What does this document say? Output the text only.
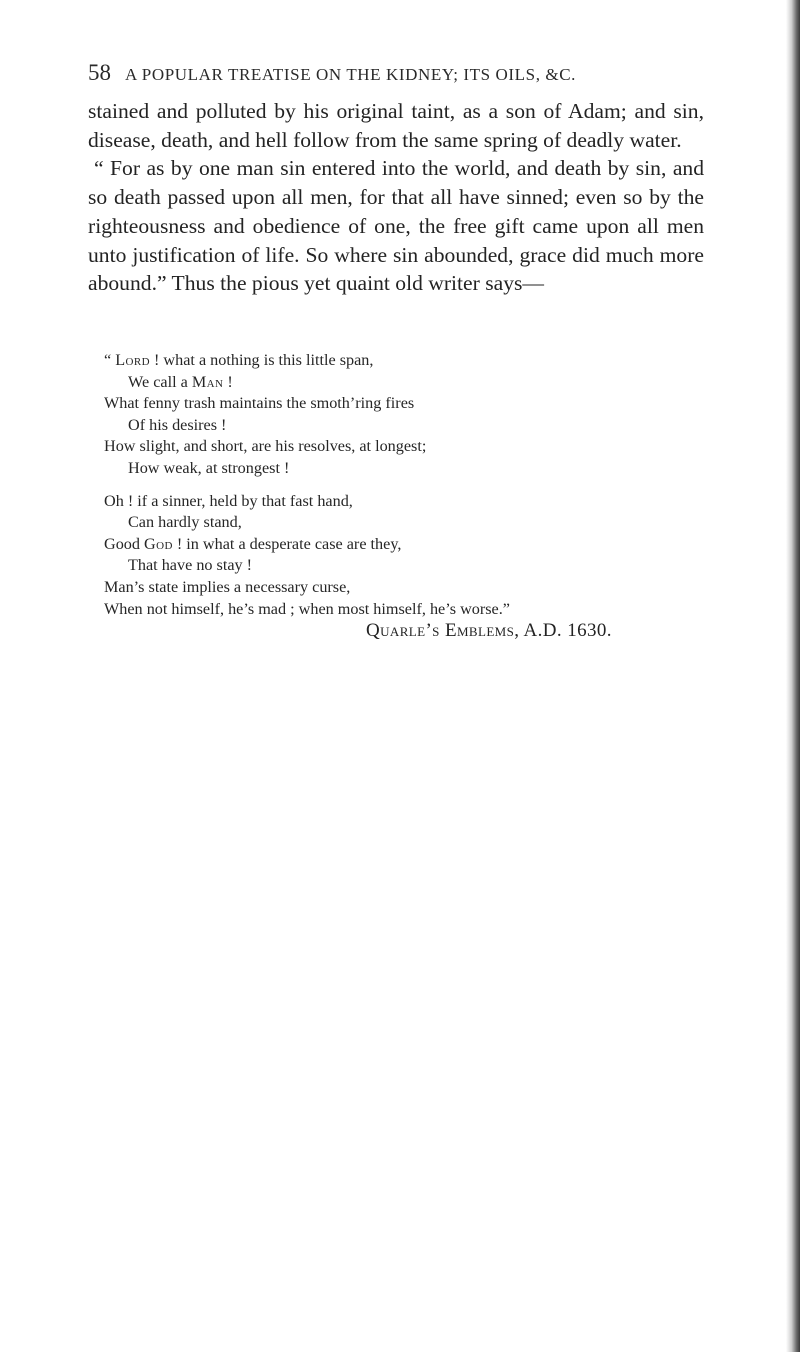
58 A POPULAR TREATISE ON THE KIDNEY; ITS OILS, &C.

stained and polluted by his original taint, as a son of Adam; and sin, disease, death, and hell follow from the same spring of deadly water.

“ For as by one man sin entered into the world, and death by sin, and so death passed upon all men, for that all have sinned; even so by the righteousness and obedience of one, the free gift came upon all men unto justification of life. So where sin abounded, grace did much more abound.” Thus the pious yet quaint old writer says—

“ Lord ! what a nothing is this little span,
We call a Man !
What fenny trash maintains the smoth’ring fires
Of his desires !
How slight, and short, are his resolves, at longest;
How weak, at strongest !
Oh ! if a sinner, held by that fast hand,
Can hardly stand,
Good God ! in what a desperate case are they,
That have no stay !
Man’s state implies a necessary curse,
When not himself, he’s mad ; when most himself, he’s worse.”
Quarle’s Emblems, A.D. 1630.
